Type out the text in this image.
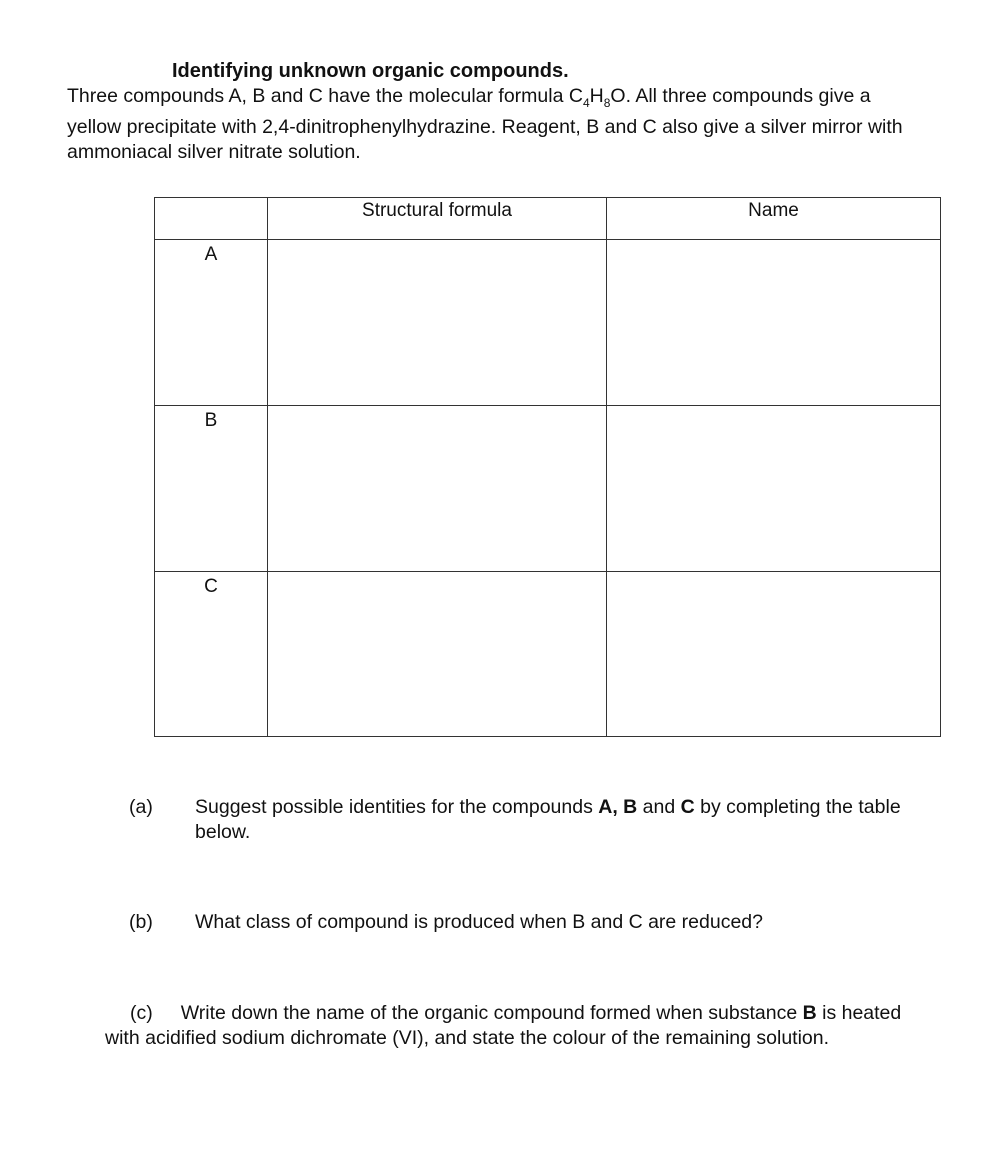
Identifying unknown organic compounds.

Three compounds A, B and C have the molecular formula $C_4H_8O$. All three compounds give a yellow precipitate with 2,4-dinitrophenylhydrazine. Reagent, B and C also give a silver mirror with ammoniacal silver nitrate solution.

	Structural formula	Name
A		
B		
C		
(a) Suggest possible identities for the compounds A, B and C by completing the table below.
(b) What class of compound is produced when B and C are reduced?

(c) Write down the name of the organic compound formed when substance B is heated with acidified sodium dichromate (VI), and state the colour of the remaining solution.
